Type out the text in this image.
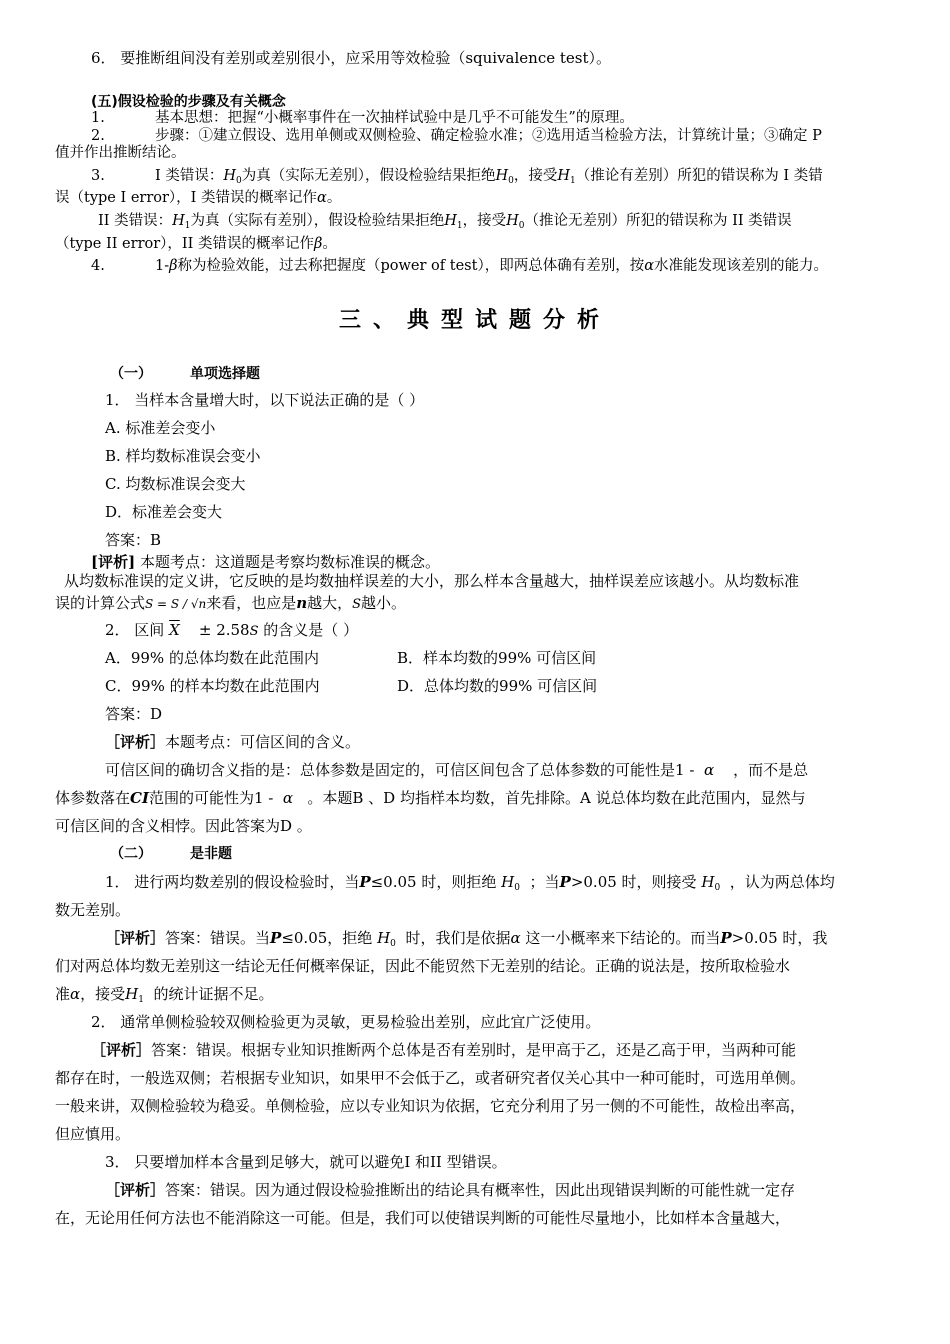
6． 要推断组间没有差别或差别很小，应采用等效检验（squivalence test）。
(五)假设检验的步骤及有关概念
1.	基本思想：把握“小概率事件在一次抽样试验中是几乎不可能发生”的原理。
2.	步骤：①建立假设、选用单侧或双侧检验、确定检验水准；②选用适当检验方法，计算统计量；③确定 P
值并作出推断结论。
3.	I 类错误：$H_0$为真（实际无差别），假设检验结果拒绝$H_0$，接受$H_1$（推论有差别）所犯的错误称为 I 类错
误（type I error），I 类错误的概率记作α。
II 类错误：$H_1$为真（实际有差别），假设检验结果拒绝$H_1$，接受$H_0$（推论无差别）所犯的错误称为 II 类错误
（type II error），II 类错误的概率记作β。
4.	1-β称为检验效能，过去称把握度（power of test），即两总体确有差别，按α水准能发现该差别的能力。
三、典型试题分析
（一）	单项选择题
1． 当样本含量增大时，以下说法正确的是（ ）
A. 标准差会变小
B. 样均数标准误会变小
C. 均数标准误会变大
D．标准差会变大
答案：B
[评析] 本题考点：这道题是考察均数标准误的概念。
从均数标准误的定义讲，它反映的是均数抽样误差的大小，那么样本含量越大，抽样误差应该越小。从均数标准
误的计算公式S = S / √n来看，也应是n越大，S越小。
2． 区间 $\overline{X} \pm 2.58S$ 的含义是（ ）
A．99% 的总体均数在此范围内	B．样本均数的99% 可信区间
C．99% 的样本均数在此范围内	D．总体均数的99% 可信区间
答案：D
［评析］本题考点：可信区间的含义。
可信区间的确切含义指的是：总体参数是固定的，可信区间包含了总体参数的可能性是1 - α ，而不是总
体参数落在CI范围的可能性为1 - α 。本题B 、D 均指样本均数，首先排除。A 说总体均数在此范围内，显然与
可信区间的含义相悖。因此答案为D 。
（二）	是非题
1． 进行两均数差别的假设检验时，当P≤0.05 时，则拒绝 $H_0$ ；当P>0.05 时，则接受 $H_0$ ，认为两总体均
数无差别。
［评析］答案：错误。当P≤0.05，拒绝 $H_0$ 时，我们是依据α 这一小概率来下结论的。而当P>0.05 时，我
们对两总体均数无差别这一结论无任何概率保证，因此不能贸然下无差别的结论。正确的说法是，按所取检验水
准α，接受$H_1$ 的统计证据不足。
2． 通常单侧检验较双侧检验更为灵敏，更易检验出差别，应此宜广泛使用。
［评析］答案：错误。根据专业知识推断两个总体是否有差别时，是甲高于乙，还是乙高于甲，当两种可能
都存在时，一般选双侧；若根据专业知识，如果甲不会低于乙，或者研究者仅关心其中一种可能时，可选用单侧。
一般来讲，双侧检验较为稳妥。单侧检验，应以专业知识为依据，它充分利用了另一侧的不可能性，故检出率高，
但应慎用。
3． 只要增加样本含量到足够大，就可以避免I 和II 型错误。
［评析］答案：错误。因为通过假设检验推断出的结论具有概率性，因此出现错误判断的可能性就一定存
在，无论用任何方法也不能消除这一可能。但是，我们可以使错误判断的可能性尽量地小，比如样本含量越大，
